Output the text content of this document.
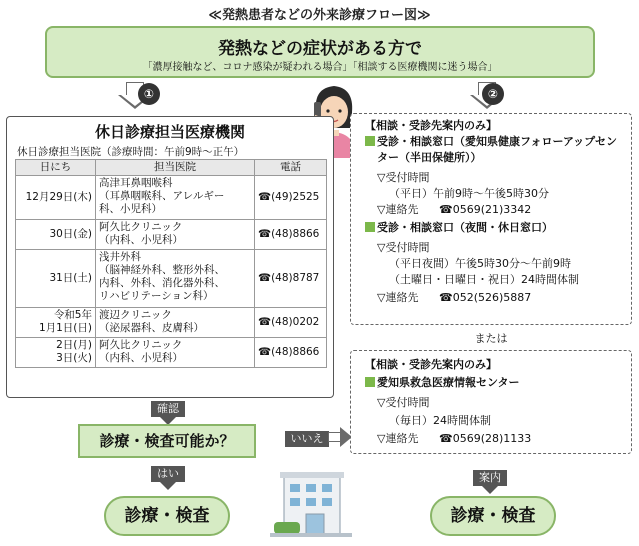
≪発熱患者などの外来診療フロー図≫
発熱などの症状がある方で
「濃厚接触など、コロナ感染が疑われる場合」「相談する医療機関に迷う場合」
①	②
休日診療担当医療機関
休日診療担当医院（診療時間：午前9時～正午）
日にち	担当医院	電話
12月29日(木)	高津耳鼻咽喉科
（耳鼻咽喉科、アレルギー
科、小児科）	☎(49)2525
30日(金)	阿久比クリニック
（内科、小児科）	☎(48)8866
31日(土)	浅井外科
（脳神経外科、整形外科、
内科、外科、消化器外科、
リハビリテーション科）	☎(48)8787
令和5年
1月1日(日)	渡辺クリニック
（泌尿器科、皮膚科）	☎(48)0202
2日(月)
3日(火)	阿久比クリニック
（内科、小児科）	☎(48)8866
確認
診療・検査可能か？
はい
診療・検査
いいえ
【相談・受診先案内のみ】
受診・相談窓口（愛知県健康フォローアップセン
ター（半田保健所））
▽受付時間
（平日）午前9時～午後5時30分
▽連絡先 ☎0569(21)3342
受診・相談窓口（夜間・休日窓口）
▽受付時間
（平日夜間）午後5時30分～午前9時
（土曜日・日曜日・祝日）24時間体制
▽連絡先 ☎052(526)5887
または
【相談・受診先案内のみ】
愛知県救急医療情報センター
▽受付時間
（毎日）24時間体制
▽連絡先 ☎0569(28)1133
案内
診療・検査
